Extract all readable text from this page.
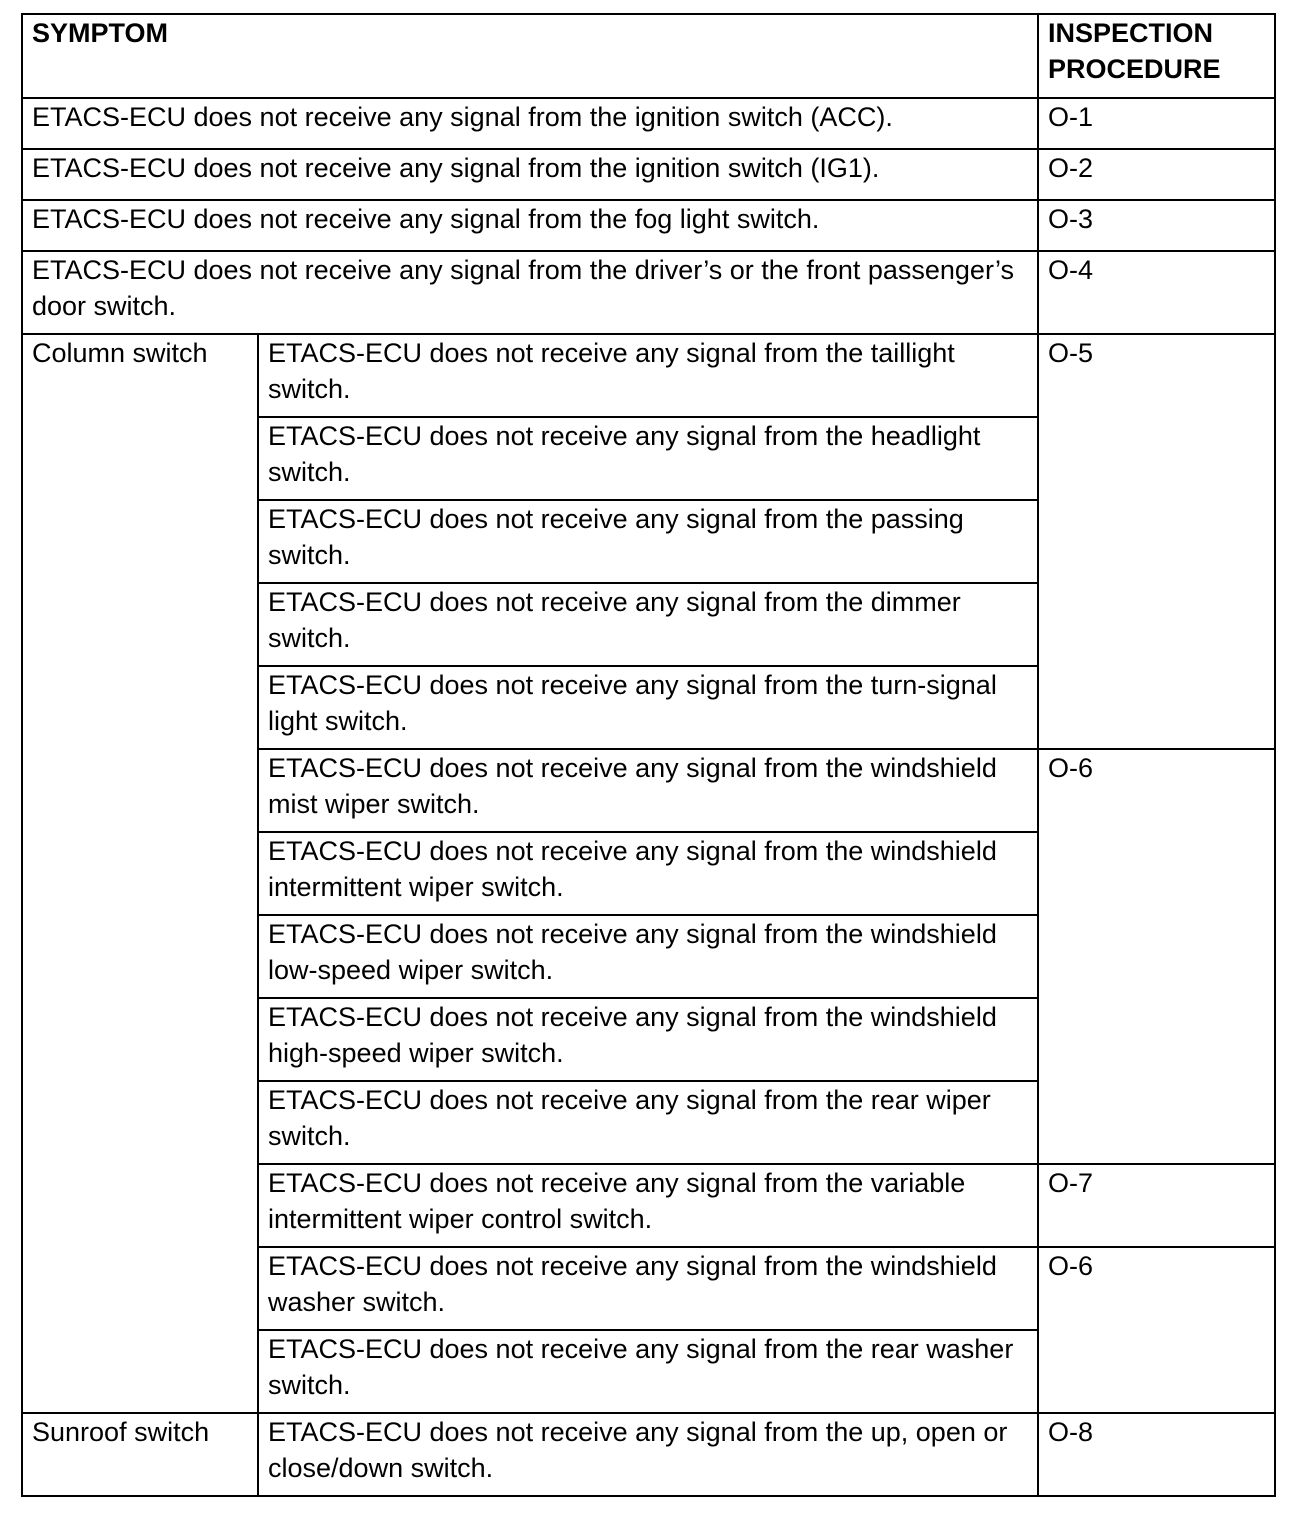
SYMPTOM		INSPECTION
PROCEDURE
ETACS-ECU does not receive any signal from the ignition switch (ACC).		O-1
ETACS-ECU does not receive any signal from the ignition switch (IG1).		O-2
ETACS-ECU does not receive any signal from the fog light switch.		O-3
ETACS-ECU does not receive any signal from the driver’s or the front passenger’s door switch.		O-4
Column switch	ETACS-ECU does not receive any signal from the taillight switch.	O-5
	ETACS-ECU does not receive any signal from the headlight switch.	
	ETACS-ECU does not receive any signal from the passing switch.	
	ETACS-ECU does not receive any signal from the dimmer switch.	
	ETACS-ECU does not receive any signal from the turn-signal light switch.	
	ETACS-ECU does not receive any signal from the windshield mist wiper switch.	O-6
	ETACS-ECU does not receive any signal from the windshield intermittent wiper switch.	
	ETACS-ECU does not receive any signal from the windshield low-speed wiper switch.	
	ETACS-ECU does not receive any signal from the windshield high-speed wiper switch.	
	ETACS-ECU does not receive any signal from the rear wiper switch.	
	ETACS-ECU does not receive any signal from the variable intermittent wiper control switch.	O-7
	ETACS-ECU does not receive any signal from the windshield washer switch.	O-6
	ETACS-ECU does not receive any signal from the rear washer switch.	
Sunroof switch	ETACS-ECU does not receive any signal from the up, open or close/down switch.	O-8
